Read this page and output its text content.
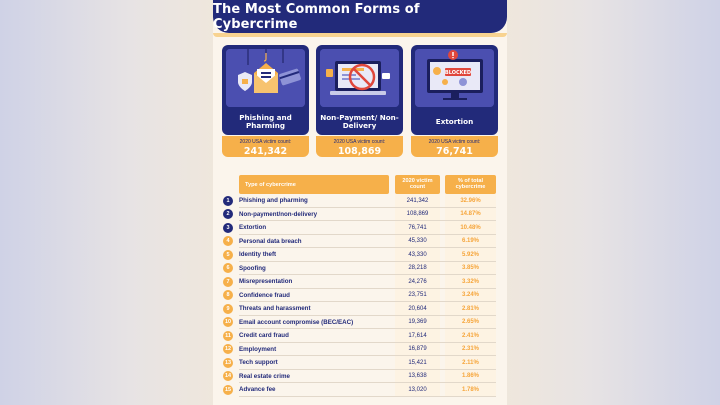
The Most Common Forms of Cybercrime
Phishing and Pharming
2020 USA victim count:
241,342
Non-Payment/ Non-Delivery
2020 USA victim count:
108,869
BLOCKED
Extortion
2020 USA victim count:
76,741
Type of cybercrime
2020 victim count
% of total cybercrime
1	Phishing and pharming	241,342	32.96%
2	Non-payment/non-delivery	108,869	14.87%
3	Extortion	76,741	10.48%
4	Personal data breach	45,330	6.19%
5	Identity theft	43,330	5.92%
6	Spoofing	28,218	3.85%
7	Misrepresentation	24,276	3.32%
8	Confidence fraud	23,751	3.24%
9	Threats and harassment	20,604	2.81%
10	Email account compromise (BEC/EAC)	19,369	2.65%
11	Credit card fraud	17,614	2.41%
12	Employment	16,879	2.31%
13	Tech support	15,421	2.11%
14	Real estate crime	13,638	1.86%
15	Advance fee	13,020	1.78%
